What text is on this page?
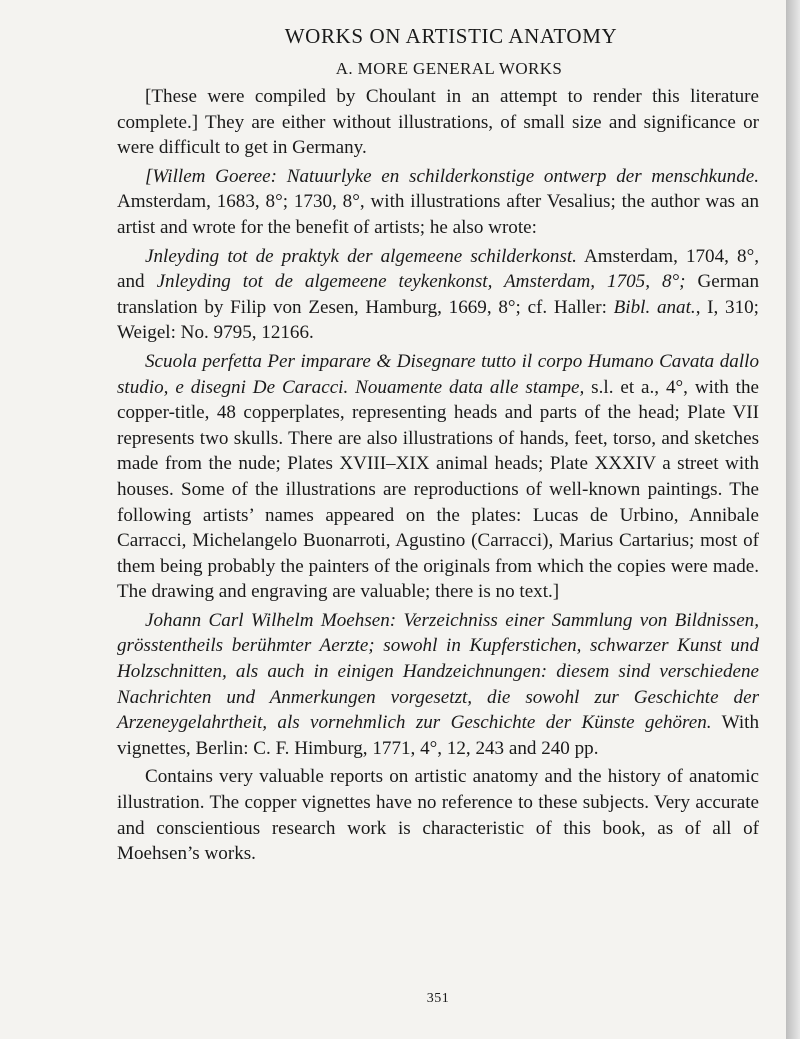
WORKS ON ARTISTIC ANATOMY
A. MORE GENERAL WORKS

[These were compiled by Choulant in an attempt to render this literature complete.] They are either without illustrations, of small size and significance or were difficult to get in Germany.

[Willem Goeree: Natuurlyke en schilderkonstige ontwerp der menschkunde. Amsterdam, 1683, 8°; 1730, 8°, with illustrations after Vesalius; the author was an artist and wrote for the benefit of artists; he also wrote:

Jnleyding tot de praktyk der algemeene schilderkonst. Amsterdam, 1704, 8°, and Jnleyding tot de algemeene teykenkonst, Amsterdam, 1705, 8°; German translation by Filip von Zesen, Hamburg, 1669, 8°; cf. Haller: Bibl. anat., I, 310; Weigel: No. 9795, 12166.

Scuola perfetta Per imparare & Disegnare tutto il corpo Humano Cavata dallo studio, e disegni De Caracci. Nouamente data alle stampe, s.l. et a., 4°, with the copper-title, 48 copperplates, representing heads and parts of the head; Plate VII represents two skulls. There are also illustrations of hands, feet, torso, and sketches made from the nude; Plates XVIII–XIX animal heads; Plate XXXIV a street with houses. Some of the illustrations are reproductions of well-known paintings. The following artists’ names appeared on the plates: Lucas de Urbino, Annibale Carracci, Michelangelo Buonarroti, Agustino (Carracci), Marius Cartarius; most of them being probably the painters of the originals from which the copies were made. The drawing and engraving are valuable; there is no text.]

Johann Carl Wilhelm Moehsen: Verzeichniss einer Sammlung von Bildnissen, grösstentheils berühmter Aerzte; sowohl in Kupferstichen, schwarzer Kunst und Holzschnitten, als auch in einigen Handzeichnungen: diesem sind verschiedene Nachrichten und Anmerkungen vorgesetzt, die sowohl zur Geschichte der Arzeneygelahrtheit, als vornehmlich zur Geschichte der Künste gehören. With vignettes, Berlin: C. F. Himburg, 1771, 4°, 12, 243 and 240 pp.

Contains very valuable reports on artistic anatomy and the history of anatomic illustration. The copper vignettes have no reference to these subjects. Very accurate and conscientious research work is characteristic of this book, as of all of Moehsen’s works.

351
